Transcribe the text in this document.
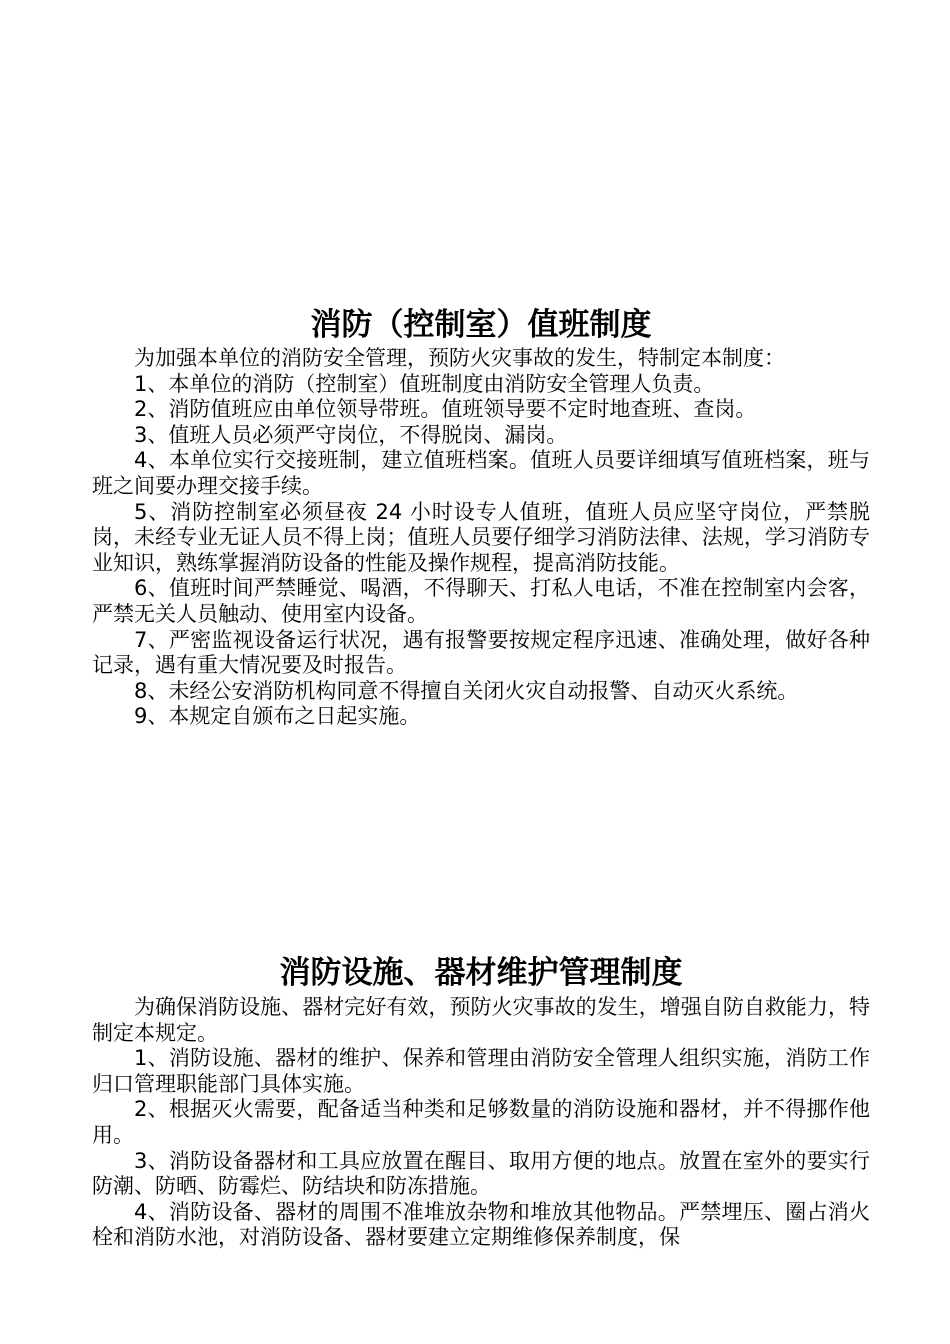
消防（控制室）值班制度

为加强本单位的消防安全管理，预防火灾事故的发生，特制定本制度：

1、本单位的消防（控制室）值班制度由消防安全管理人负责。

2、消防值班应由单位领导带班。值班领导要不定时地查班、查岗。

3、值班人员必须严守岗位，不得脱岗、漏岗。

4、本单位实行交接班制，建立值班档案。值班人员要详细填写值班档案，班与班之间要办理交接手续。

5、消防控制室必须昼夜 24 小时设专人值班，值班人员应坚守岗位，严禁脱岗，未经专业无证人员不得上岗；值班人员要仔细学习消防法律、法规，学习消防专业知识，熟练掌握消防设备的性能及操作规程，提高消防技能。

6、值班时间严禁睡觉、喝酒，不得聊天、打私人电话，不准在控制室内会客，严禁无关人员触动、使用室内设备。

7、严密监视设备运行状况，遇有报警要按规定程序迅速、准确处理，做好各种记录，遇有重大情况要及时报告。

8、未经公安消防机构同意不得擅自关闭火灾自动报警、自动灭火系统。

9、本规定自颁布之日起实施。

消防设施、器材维护管理制度

为确保消防设施、器材完好有效，预防火灾事故的发生，增强自防自救能力，特制定本规定。

1、消防设施、器材的维护、保养和管理由消防安全管理人组织实施，消防工作归口管理职能部门具体实施。

2、根据灭火需要，配备适当种类和足够数量的消防设施和器材，并不得挪作他用。

3、消防设备器材和工具应放置在醒目、取用方便的地点。放置在室外的要实行防潮、防晒、防霉烂、防结块和防冻措施。

4、消防设备、器材的周围不准堆放杂物和堆放其他物品。严禁埋压、圈占消火栓和消防水池，对消防设备、器材要建立定期维修保养制度，保
